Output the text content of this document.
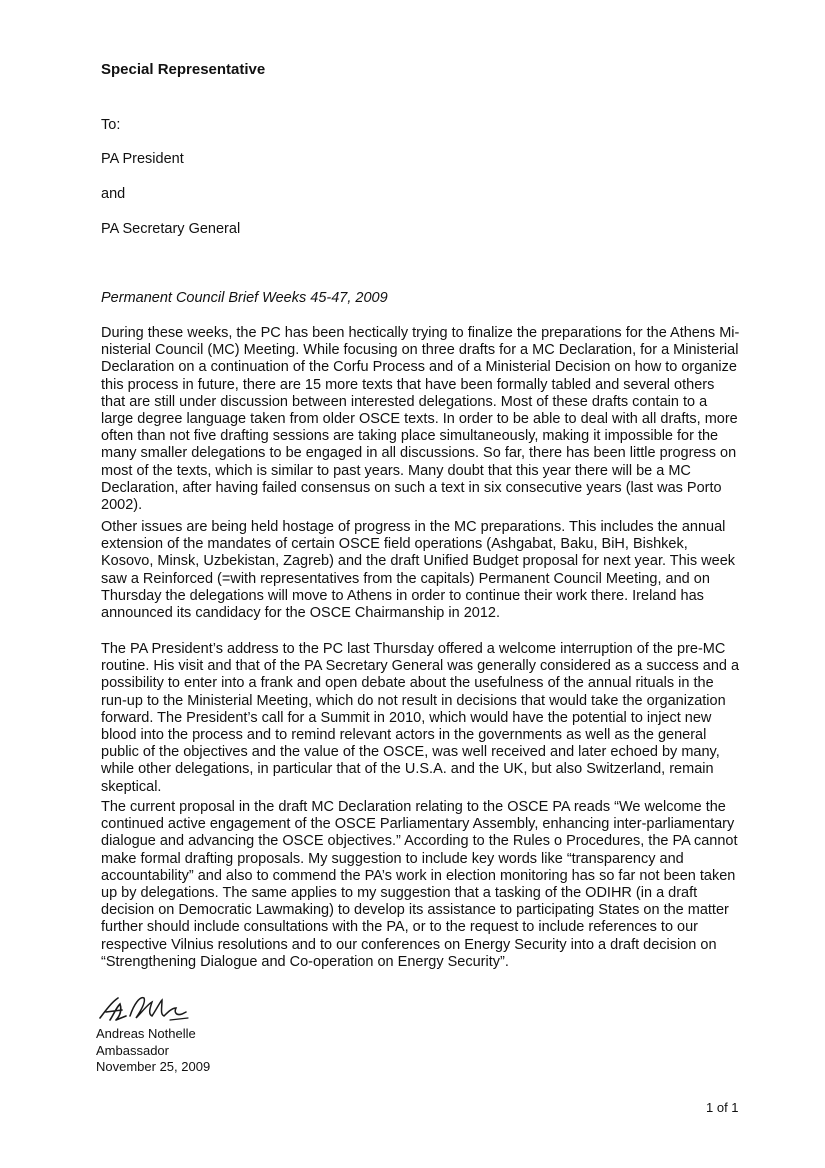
Special Representative
To:
PA President
and
PA Secretary General
Permanent Council Brief Weeks 45-47, 2009

During these weeks, the PC has been hectically trying to finalize the preparations for the Athens Ministerial Council (MC) Meeting. While focusing on three drafts for a MC Declaration, for a Ministerial Declaration on a continuation of the Corfu Process and of a Ministerial Decision on how to organize this process in future, there are 15 more texts that have been formally tabled and several others that are still under discussion between interested delegations. Most of these drafts contain to a large degree language taken from older OSCE texts. In order to be able to deal with all drafts, more often than not five drafting sessions are taking place simultaneously, making it impossible for the many smaller delegations to be engaged in all discussions. So far, there has been little progress on most of the texts, which is similar to past years. Many doubt that this year there will be a MC Declaration, after having failed consensus on such a text in six consecutive years (last was Porto 2002).

Other issues are being held hostage of progress in the MC preparations. This includes the annual extension of the mandates of certain OSCE field operations (Ashgabat, Baku, BiH, Bishkek, Kosovo, Minsk, Uzbekistan, Zagreb) and the draft Unified Budget proposal for next year. This week saw a Reinforced (=with representatives from the capitals) Permanent Council Meeting, and on Thursday the delegations will move to Athens in order to continue their work there. Ireland has announced its candidacy for the OSCE Chairmanship in 2012.

The PA President’s address to the PC last Thursday offered a welcome interruption of the pre-MC routine. His visit and that of the PA Secretary General was generally considered as a success and a possibility to enter into a frank and open debate about the usefulness of the annual rituals in the run-up to the Ministerial Meeting, which do not result in decisions that would take the organization forward. The President’s call for a Summit in 2010, which would have the potential to inject new blood into the process and to remind relevant actors in the governments as well as the general public of the objectives and the value of the OSCE, was well received and later echoed by many, while other delegations, in particular that of the U.S.A. and the UK, but also Switzerland, remain skeptical.

The current proposal in the draft MC Declaration relating to the OSCE PA reads “We welcome the continued active engagement of the OSCE Parliamentary Assembly, enhancing inter-parliamentary dialogue and advancing the OSCE objectives.” According to the Rules o Procedures, the PA cannot make formal drafting proposals. My suggestion to include key words like “transparency and accountability” and also to commend the PA’s work in election monitoring has so far not been taken up by delegations. The same applies to my suggestion that a tasking of the ODIHR (in a draft decision on Democratic Lawmaking) to develop its assistance to participating States on the matter further should include consultations with the PA, or to the request to include references to our respective Vilnius resolutions and to our conferences on Energy Security into a draft decision on “Strengthening Dialogue and Co-operation on Energy Security”.

Andreas Nothelle
Ambassador
November 25, 2009
1 of 1
